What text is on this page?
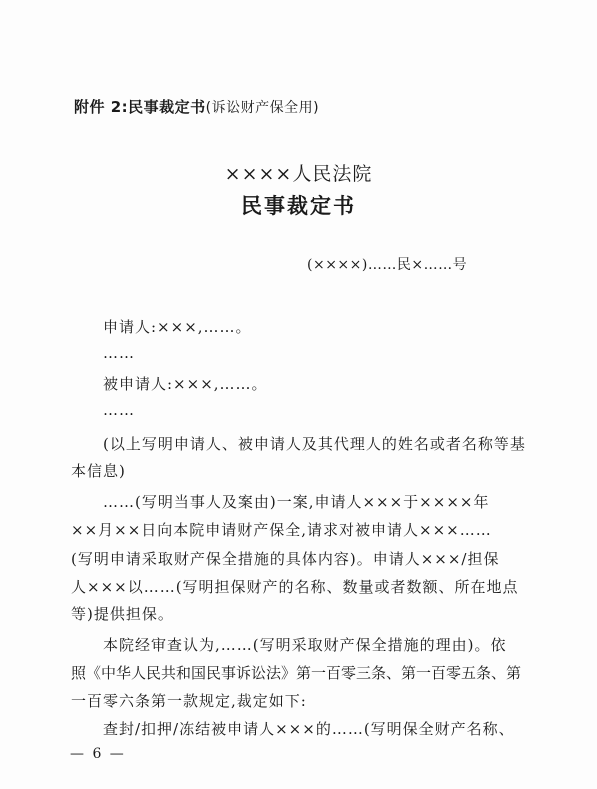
附件 2:民事裁定书(诉讼财产保全用)
××××人民法院
民事裁定书
(××××)……民×……号
申请人:×××,……。
……
被申请人:×××,……。
……
(以上写明申请人、被申请人及其代理人的姓名或者名称等基
本信息)
……(写明当事人及案由)一案,申请人×××于××××年
××月××日向本院申请财产保全,请求对被申请人×××……
(写明申请采取财产保全措施的具体内容)。申请人×××/担保
人×××以……(写明担保财产的名称、数量或者数额、所在地点
等)提供担保。
本院经审查认为,……(写明采取财产保全措施的理由)。依
照《中华人民共和国民事诉讼法》第一百零三条、第一百零五条、第
一百零六条第一款规定,裁定如下:
查封/扣押/冻结被申请人×××的……(写明保全财产名称、
— 6 —
